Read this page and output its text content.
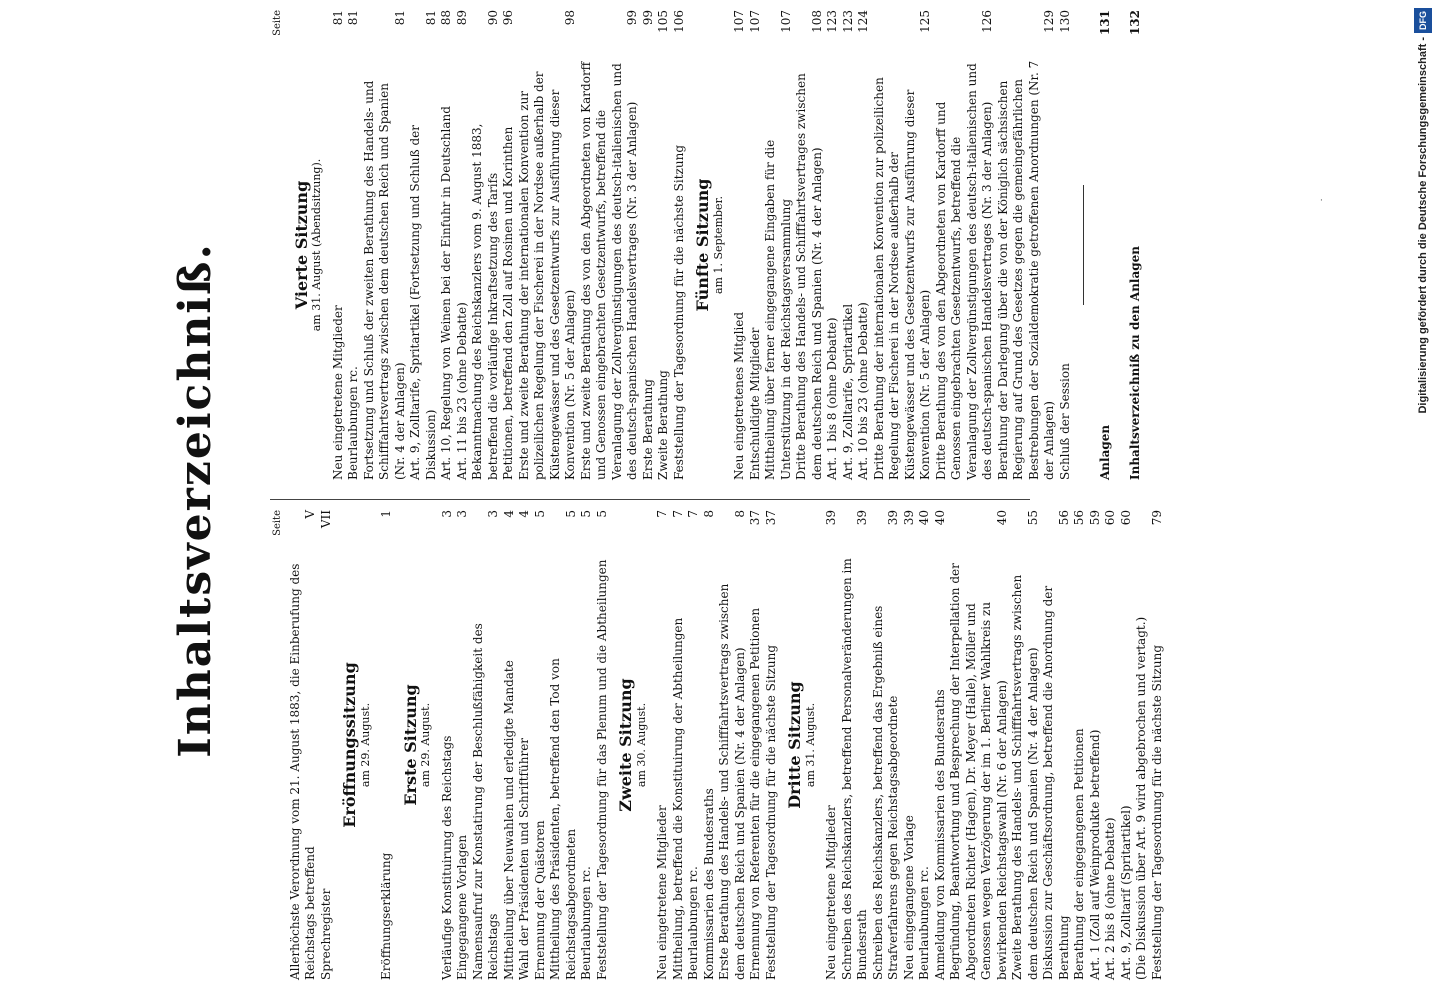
Inhaltsverzeichniß.	Seite
Allerhöchste Verordnung vom 21. August 1883, die Einberufung des Reichstags betreffend
V
Sprechregister
VII
Eröffnungssitzung am 29. August.
Eröffnungserklärung
1
Erste Sitzung am 29. August. Verläufige Konstituirung des Reichstags
3
Eingegangene Vorlagen
3
Namensaufruf zur Konstatirung der Beschlußfähigkeit des Reichstags
3
Mittheilung über Neuwahlen und erledigte Mandate
4
Wahl der Präsidenten und Schriftführer
4
Ernennung der Quästoren
5
Mittheilung des Präsidenten, betreffend den Tod von Reichstagsabgeordneten
5
Beurlaubungen rc.
5
Feststellung der Tagesordnung für das Plenum und die Abtheilungen
5
Zweite Sitzung am 30. August.
Neu eingetretene Mitglieder
7
Mittheilung, betreffend die Konstituirung der Abtheilungen
7
Beurlaubungen rc.
7
Kommissarien des Bundesraths
8
Erste Berathung des Handels- und Schifffahrtsvertrags zwischen dem deutschen Reich und Spanien (Nr. 4 der Anlagen)
8
Ernennung von Referenten für die eingegangenen Petitionen
37
Feststellung der Tagesordnung für die nächste Sitzung
37
Dritte Sitzung am 31. August.
Neu eingetretene Mitglieder
39
Schreiben des Reichskanzlers, betreffend Personalveränderungen im Bundesrath
39
Schreiben des Reichskanzlers, betreffend das Ergebniß eines Strafverfahrens gegen Reichstagsabgeordnete
39
Neu eingegangene Vorlage
39
Beurlaubungen rc.
40
Anmeldung von Kommissarien des Bundesraths
40
Begründung, Beantwortung und Besprechung der Interpellation der Abgeordneten Richter (Hagen), Dr. Meyer (Halle), Möller und Genossen wegen Verzögerung der im 1. Berliner Wahlkreis zu bewirkenden Reichstagswahl (Nr. 6 der Anlagen)
40
Zweite Berathung des Handels- und Schifffahrtsvertrags zwischen dem deutschen Reich und Spanien (Nr. 4 der Anlagen)
55
Diskussion zur Geschäftsordnung, betreffend die Anordnung der Berathung
56
Berathung der eingegangenen Petitionen
56
Art. 1 (Zoll auf Weinprodukte betreffend)
59
Art. 2 bis 8 (ohne Debatte)
60
Art. 9, Zolltarif (Spritartikel)
60
(Die Diskussion über Art. 9 wird abgebrochen und vertagt.) Feststellung der Tagesordnung für die nächste Sitzung
79
Seite
Vierte Sitzung am 31. August (Abendsitzung).
Neu eingetretene Mitglieder
81
Beurlaubungen rc.
81
Fortsetzung und Schluß der zweiten Berathung des Handels- und Schifffahrtsvertrags zwischen dem deutschen Reich und Spanien (Nr. 4 der Anlagen)
81
Art. 9, Zolltarife, Spritartikel (Fortsetzung und Schluß der Diskussion)
81
Art. 10, Regelung von Weinen bei der Einfuhr in Deutschland
88
Art. 11 bis 23 (ohne Debatte)
89
Bekanntmachung des Reichskanzlers vom 9. August 1883, betreffend die vorläufige Inkraftsetzung des Tarifs
90
Petitionen, betreffend den Zoll auf Rosinen und Korinthen
96
Erste und zweite Berathung der internationalen Konvention zur polizeilichen Regelung der Fischerei in der Nordsee außerhalb der Küstengewässer und des Gesetzentwurfs zur Ausführung dieser Konvention (Nr. 5 der Anlagen)
98
Erste und zweite Berathung des von den Abgeordneten von Kardorff und Genossen eingebrachten Gesetzentwurfs, betreffend die Veranlagung der Zollvergünstigungen des deutsch-italienischen und des deutsch-spanischen Handelsvertrages (Nr. 3 der Anlagen)
99
Erste Berathung
99
Zweite Berathung
105
Feststellung der Tagesordnung für die nächste Sitzung
106
Fünfte Sitzung am 1. September.
Neu eingetretenes Mitglied
107
Entschuldigte Mitglieder
107
Mittheilung über ferner eingegangene Eingaben für die Unterstützung in der Reichstagsversammlung
107
Dritte Berathung des Handels- und Schifffahrtsvertrages zwischen dem deutschen Reich und Spanien (Nr. 4 der Anlagen)
108
Art. 1 bis 8 (ohne Debatte)
123
Art. 9, Zolltarife, Spritartikel
123
Art. 10 bis 23 (ohne Debatte)
124
Dritte Berathung der internationalen Konvention zur polizeilichen Regelung der Fischerei in der Nordsee außerhalb der Küstengewässer und des Gesetzentwurfs zur Ausführung dieser Konvention (Nr. 5 der Anlagen)
125
Dritte Berathung des von den Abgeordneten von Kardorff und Genossen eingebrachten Gesetzentwurfs, betreffend die Veranlagung der Zollvergünstigungen des deutsch-italienischen und des deutsch-spanischen Handelsvertrages (Nr. 3 der Anlagen)
126
Berathung der Darlegung über die von der Königlich sächsischen Regierung auf Grund des Gesetzes gegen die gemeingefährlichen Bestrebungen der Sozialdemokratie getroffenen Anordnungen (Nr. 7 der Anlagen)
129
Schluß der Session
130
Anlagen
131
Inhaltsverzeichniß zu den Anlagen
132
·	Digitalisierung gefördert durch die Deutsche Forschungsgemeinschaft -DFG
